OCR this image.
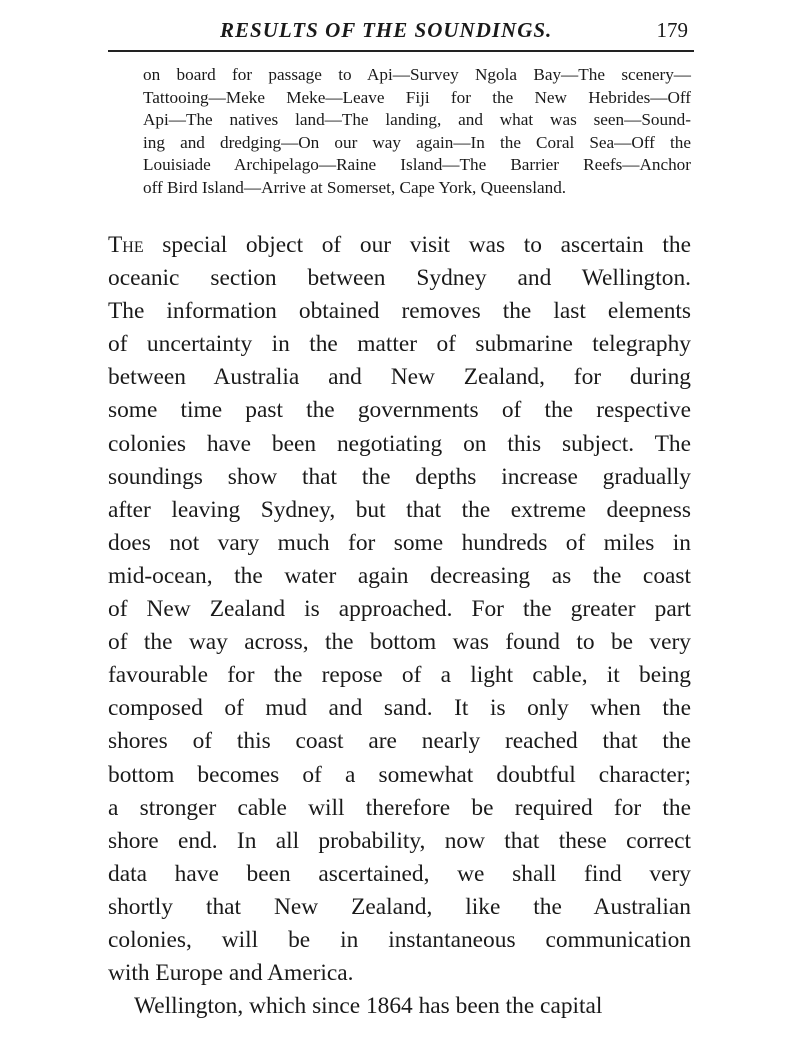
RESULTS OF THE SOUNDINGS.	179
on board for passage to Api—Survey Ngola Bay—The scenery—
Tattooing—Meke Meke—Leave Fiji for the New Hebrides—Off
Api—The natives land—The landing, and what was seen—Sound-
ing and dredging—On our way again—In the Coral Sea—Off the
Louisiade Archipelago—Raine Island—The Barrier Reefs—Anchor
off Bird Island—Arrive at Somerset, Cape York, Queensland.
The special object of our visit was to ascertain the
oceanic section between Sydney and Wellington.
The information obtained removes the last elements
of uncertainty in the matter of submarine telegraphy
between Australia and New Zealand, for during
some time past the governments of the respective
colonies have been negotiating on this subject. The
soundings show that the depths increase gradually
after leaving Sydney, but that the extreme deepness
does not vary much for some hundreds of miles in
mid-ocean, the water again decreasing as the coast
of New Zealand is approached. For the greater part
of the way across, the bottom was found to be very
favourable for the repose of a light cable, it being
composed of mud and sand. It is only when the
shores of this coast are nearly reached that the
bottom becomes of a somewhat doubtful character;
a stronger cable will therefore be required for the
shore end. In all probability, now that these correct
data have been ascertained, we shall find very
shortly that New Zealand, like the Australian
colonies, will be in instantaneous communication
with Europe and America.
Wellington, which since 1864 has been the capital
